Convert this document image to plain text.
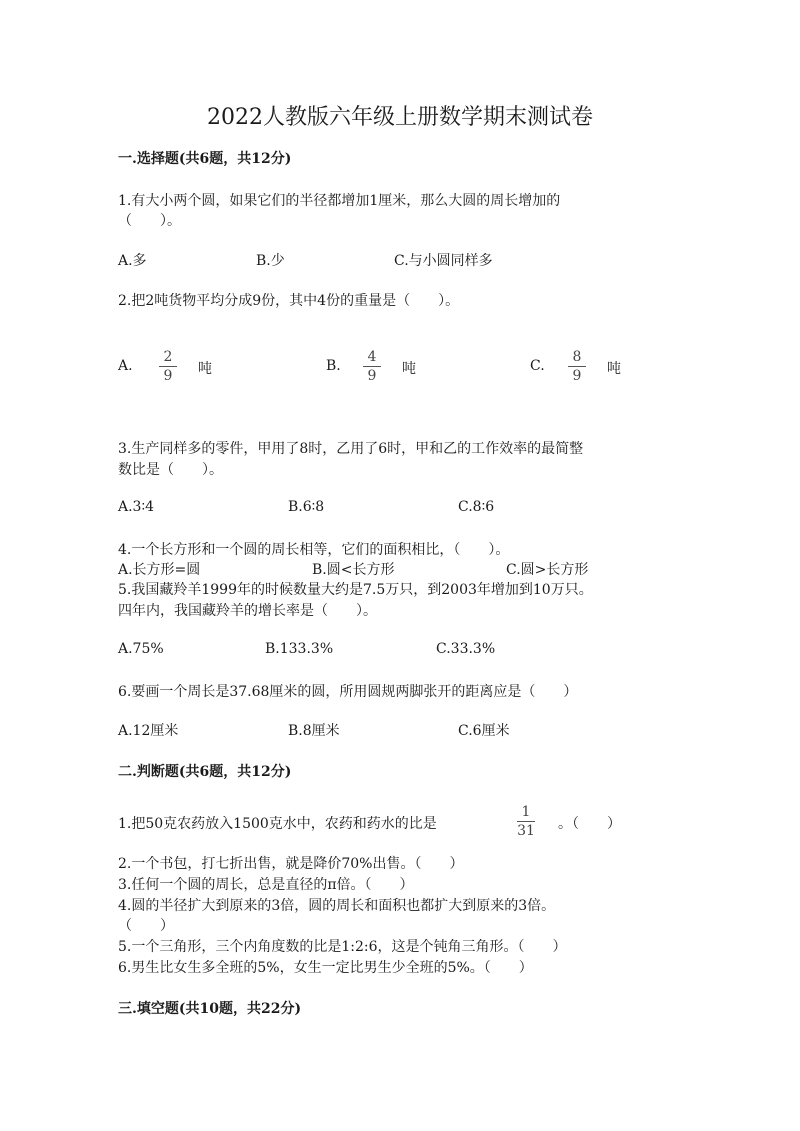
2022人教版六年级上册数学期末测试卷
一.选择题(共6题，共12分)
1.有大小两个圆，如果它们的半径都增加1厘米，那么大圆的周长增加的
（　　）。
A.多	B.少	C.与小圆同样多
2.把2吨货物平均分成9份，其中4份的重量是（　　）。
A.
2
9	吨	B.
4
9	吨	C.
8
9	吨
3.生产同样多的零件，甲用了8时，乙用了6时，甲和乙的工作效率的最简整
数比是（　　）。
A.3∶4	B.6∶8	C.8∶6
4.一个长方形和一个圆的周长相等，它们的面积相比，（　　）。
A.长方形=圆	B.圆<长方形	C.圆>长方形
5.我国藏羚羊1999年的时候数量大约是7.5万只，到2003年增加到10万只。
四年内，我国藏羚羊的增长率是（　　）。
A.75%	B.133.3%	C.33.3%
6.要画一个周长是37.68厘米的圆，所用圆规两脚张开的距离应是（　　）
A.12厘米	B.8厘米	C.6厘米
二.判断题(共6题，共12分)
1.把50克农药放入1500克水中，农药和药水的比是
1
31 。（　　）
2.一个书包，打七折出售，就是降价70%出售。（　　）
3.任何一个圆的周长，总是直径的π倍。（　　）
4.圆的半径扩大到原来的3倍，圆的周长和面积也都扩大到原来的3倍。
（　　）
5.一个三角形，三个内角度数的比是1:2:6，这是个钝角三角形。（　　）
6.男生比女生多全班的5%，女生一定比男生少全班的5%。（　　）
三.填空题(共10题，共22分)
